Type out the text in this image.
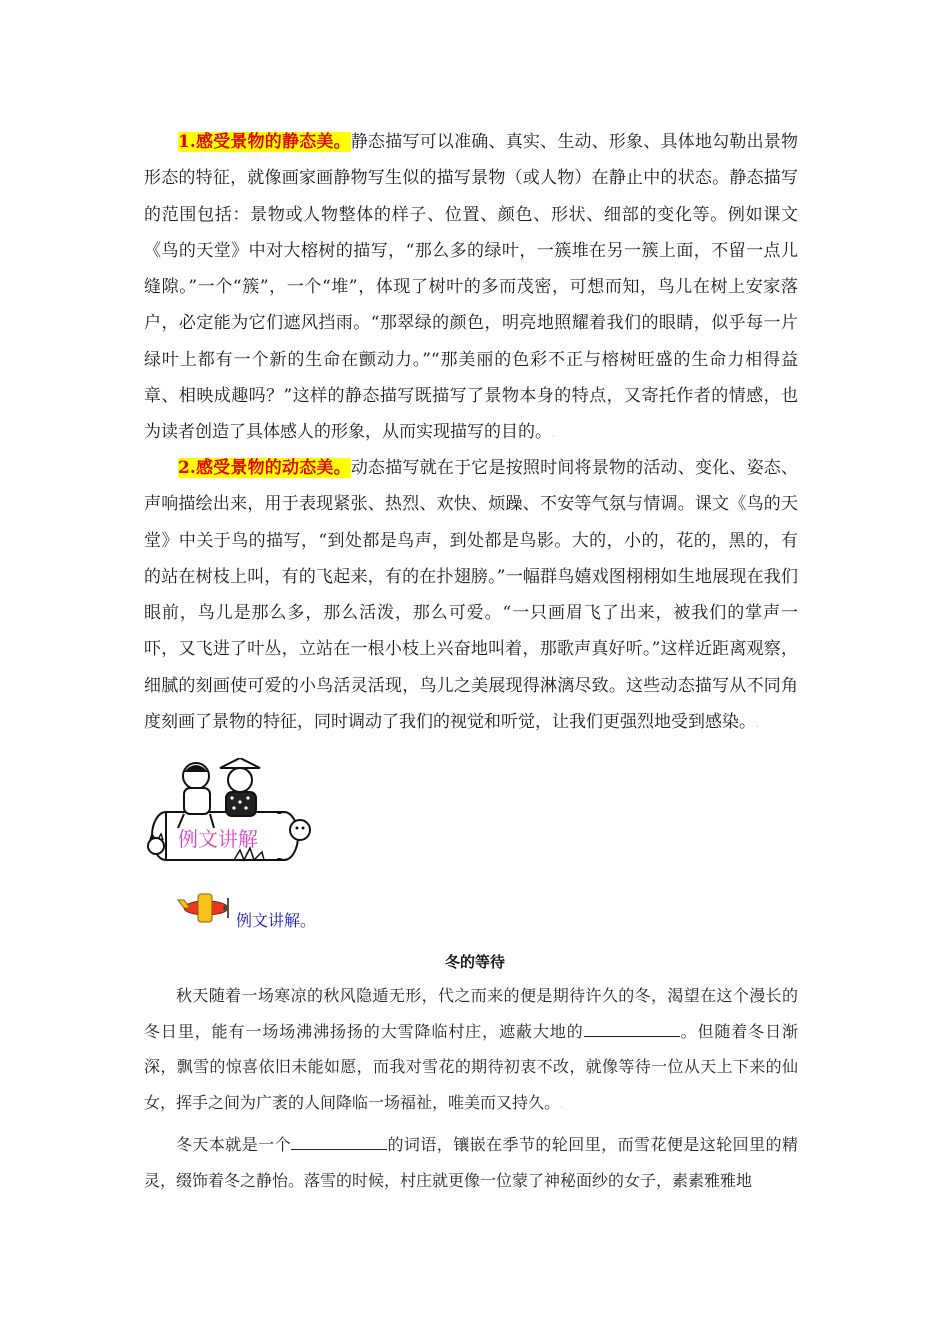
1.感受景物的静态美。静态描写可以准确、真实、生动、形象、具体地勾勒出景物形态的特征，就像画家画静物写生似的描写景物（或人物）在静止中的状态。静态描写的范围包括：景物或人物整体的样子、位置、颜色、形状、细部的变化等。例如课文《鸟的天堂》中对大榕树的描写，“那么多的绿叶，一簇堆在另一簇上面，不留一点儿缝隙。”一个“簇”，一个“堆”，体现了树叶的多而茂密，可想而知，鸟儿在树上安家落户，必定能为它们遮风挡雨。“那翠绿的颜色，明亮地照耀着我们的眼睛，似乎每一片绿叶上都有一个新的生命在颤动力。”“那美丽的色彩不正与榕树旺盛的生命力相得益章、相映成趣吗？”这样的静态描写既描写了景物本身的特点，又寄托作者的情感，也为读者创造了具体感人的形象，从而实现描写的目的。.

2.感受景物的动态美。动态描写就在于它是按照时间将景物的活动、变化、姿态、声响描绘出来，用于表现紧张、热烈、欢快、烦躁、不安等气氛与情调。课文《鸟的天堂》中关于鸟的描写，“到处都是鸟声，到处都是鸟影。大的，小的，花的，黑的，有的站在树枝上叫，有的飞起来，有的在扑翅膀。”一幅群鸟嬉戏图栩栩如生地展现在我们眼前，鸟儿是那么多，那么活泼，那么可爱。“一只画眉飞了出来，被我们的掌声一吓，又飞进了叶丛，立站在一根小枝上兴奋地叫着，那歌声真好听。”这样近距离观察，细腻的刻画使可爱的小鸟活灵活现，鸟儿之美展现得淋漓尽致。这些动态描写从不同角度刻画了景物的特征，同时调动了我们的视觉和听觉，让我们更强烈地受到感染。.

例文讲解
例文讲解。
冬的等待

秋天随着一场寒凉的秋风隐遁无形，代之而来的便是期待许久的冬，渴望在这个漫长的冬日里，能有一场场沸沸扬扬的大雪降临村庄，遮蔽大地的	。但随着冬日渐深，飘雪的惊喜依旧未能如愿，而我对雪花的期待初衷不改，就像等待一位从天上下来的仙女，挥手之间为广袤的人间降临一场福祉，唯美而又持久。.

冬天本就是一个	的词语，镶嵌在季节的轮回里，而雪花便是这轮回里的精灵，缀饰着冬之静怡。落雪的时候，村庄就更像一位蒙了神秘面纱的女子，素素雅雅地
